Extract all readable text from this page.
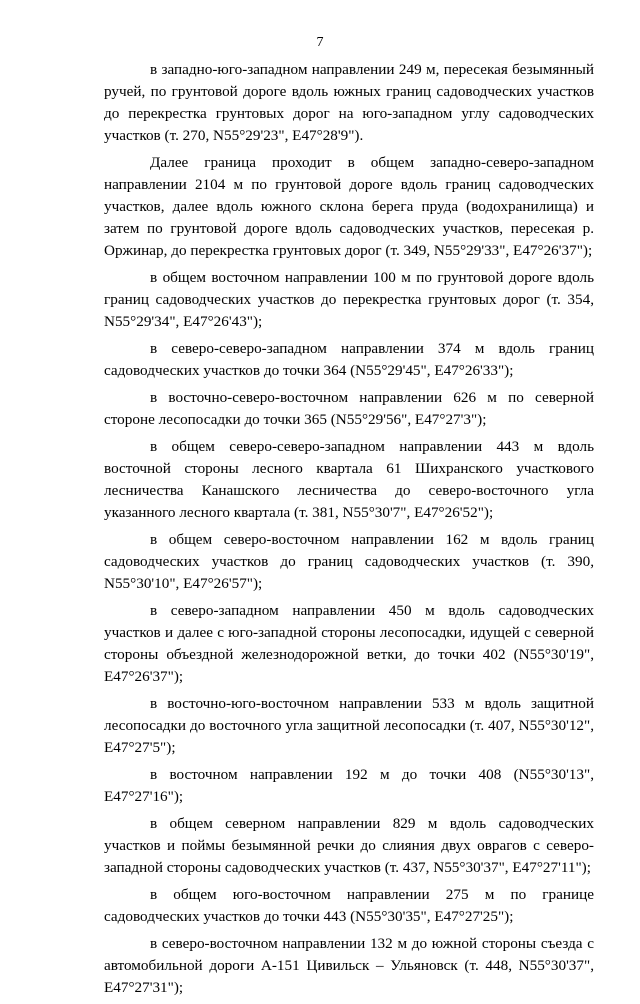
7

в западно-юго-западном направлении 249 м, пересекая безымянный ручей, по грунтовой дороге вдоль южных границ садоводческих участков до перекрестка грунтовых дорог на юго-западном углу садоводческих участков (т. 270, N55°29'23", E47°28'9").

Далее граница проходит в общем западно-северо-западном направлении 2104 м по грунтовой дороге вдоль границ садоводческих участков, далее вдоль южного склона берега пруда (водохранилища) и затем по грунтовой дороге вдоль садоводческих участков, пересекая р. Оржинар, до перекрестка грунтовых дорог (т. 349, N55°29'33", E47°26'37");

в общем восточном направлении 100 м по грунтовой дороге вдоль границ садоводческих участков до перекрестка грунтовых дорог (т. 354, N55°29'34", E47°26'43");

в северо-северо-западном направлении 374 м вдоль границ садоводческих участков до точки 364 (N55°29'45", E47°26'33");

в восточно-северо-восточном направлении 626 м по северной стороне лесопосадки до точки 365 (N55°29'56", E47°27'3");

в общем северо-северо-западном направлении 443 м вдоль восточной стороны лесного квартала 61 Шихранского участкового лесничества Канашского лесничества до северо-восточного угла указанного лесного квартала (т. 381, N55°30'7", E47°26'52");

в общем северо-восточном направлении 162 м вдоль границ садоводческих участков до границ садоводческих участков (т. 390, N55°30'10", E47°26'57");

в северо-западном направлении 450 м вдоль садоводческих участков и далее с юго-западной стороны лесопосадки, идущей с северной стороны объездной железнодорожной ветки, до точки 402 (N55°30'19", E47°26'37");

в восточно-юго-восточном направлении 533 м вдоль защитной лесопосадки до восточного угла защитной лесопосадки (т. 407, N55°30'12", E47°27'5");

в восточном направлении 192 м до точки 408 (N55°30'13", E47°27'16");

в общем северном направлении 829 м вдоль садоводческих участков и поймы безымянной речки до слияния двух оврагов с северо-западной стороны садоводческих участков (т. 437, N55°30'37", E47°27'11");

в общем юго-восточном направлении 275 м по границе садоводческих участков до точки 443 (N55°30'35", E47°27'25");

в северо-восточном направлении 132 м до южной стороны съезда с автомобильной дороги А-151 Цивильск – Ульяновск (т. 448, N55°30'37", E47°27'31");
